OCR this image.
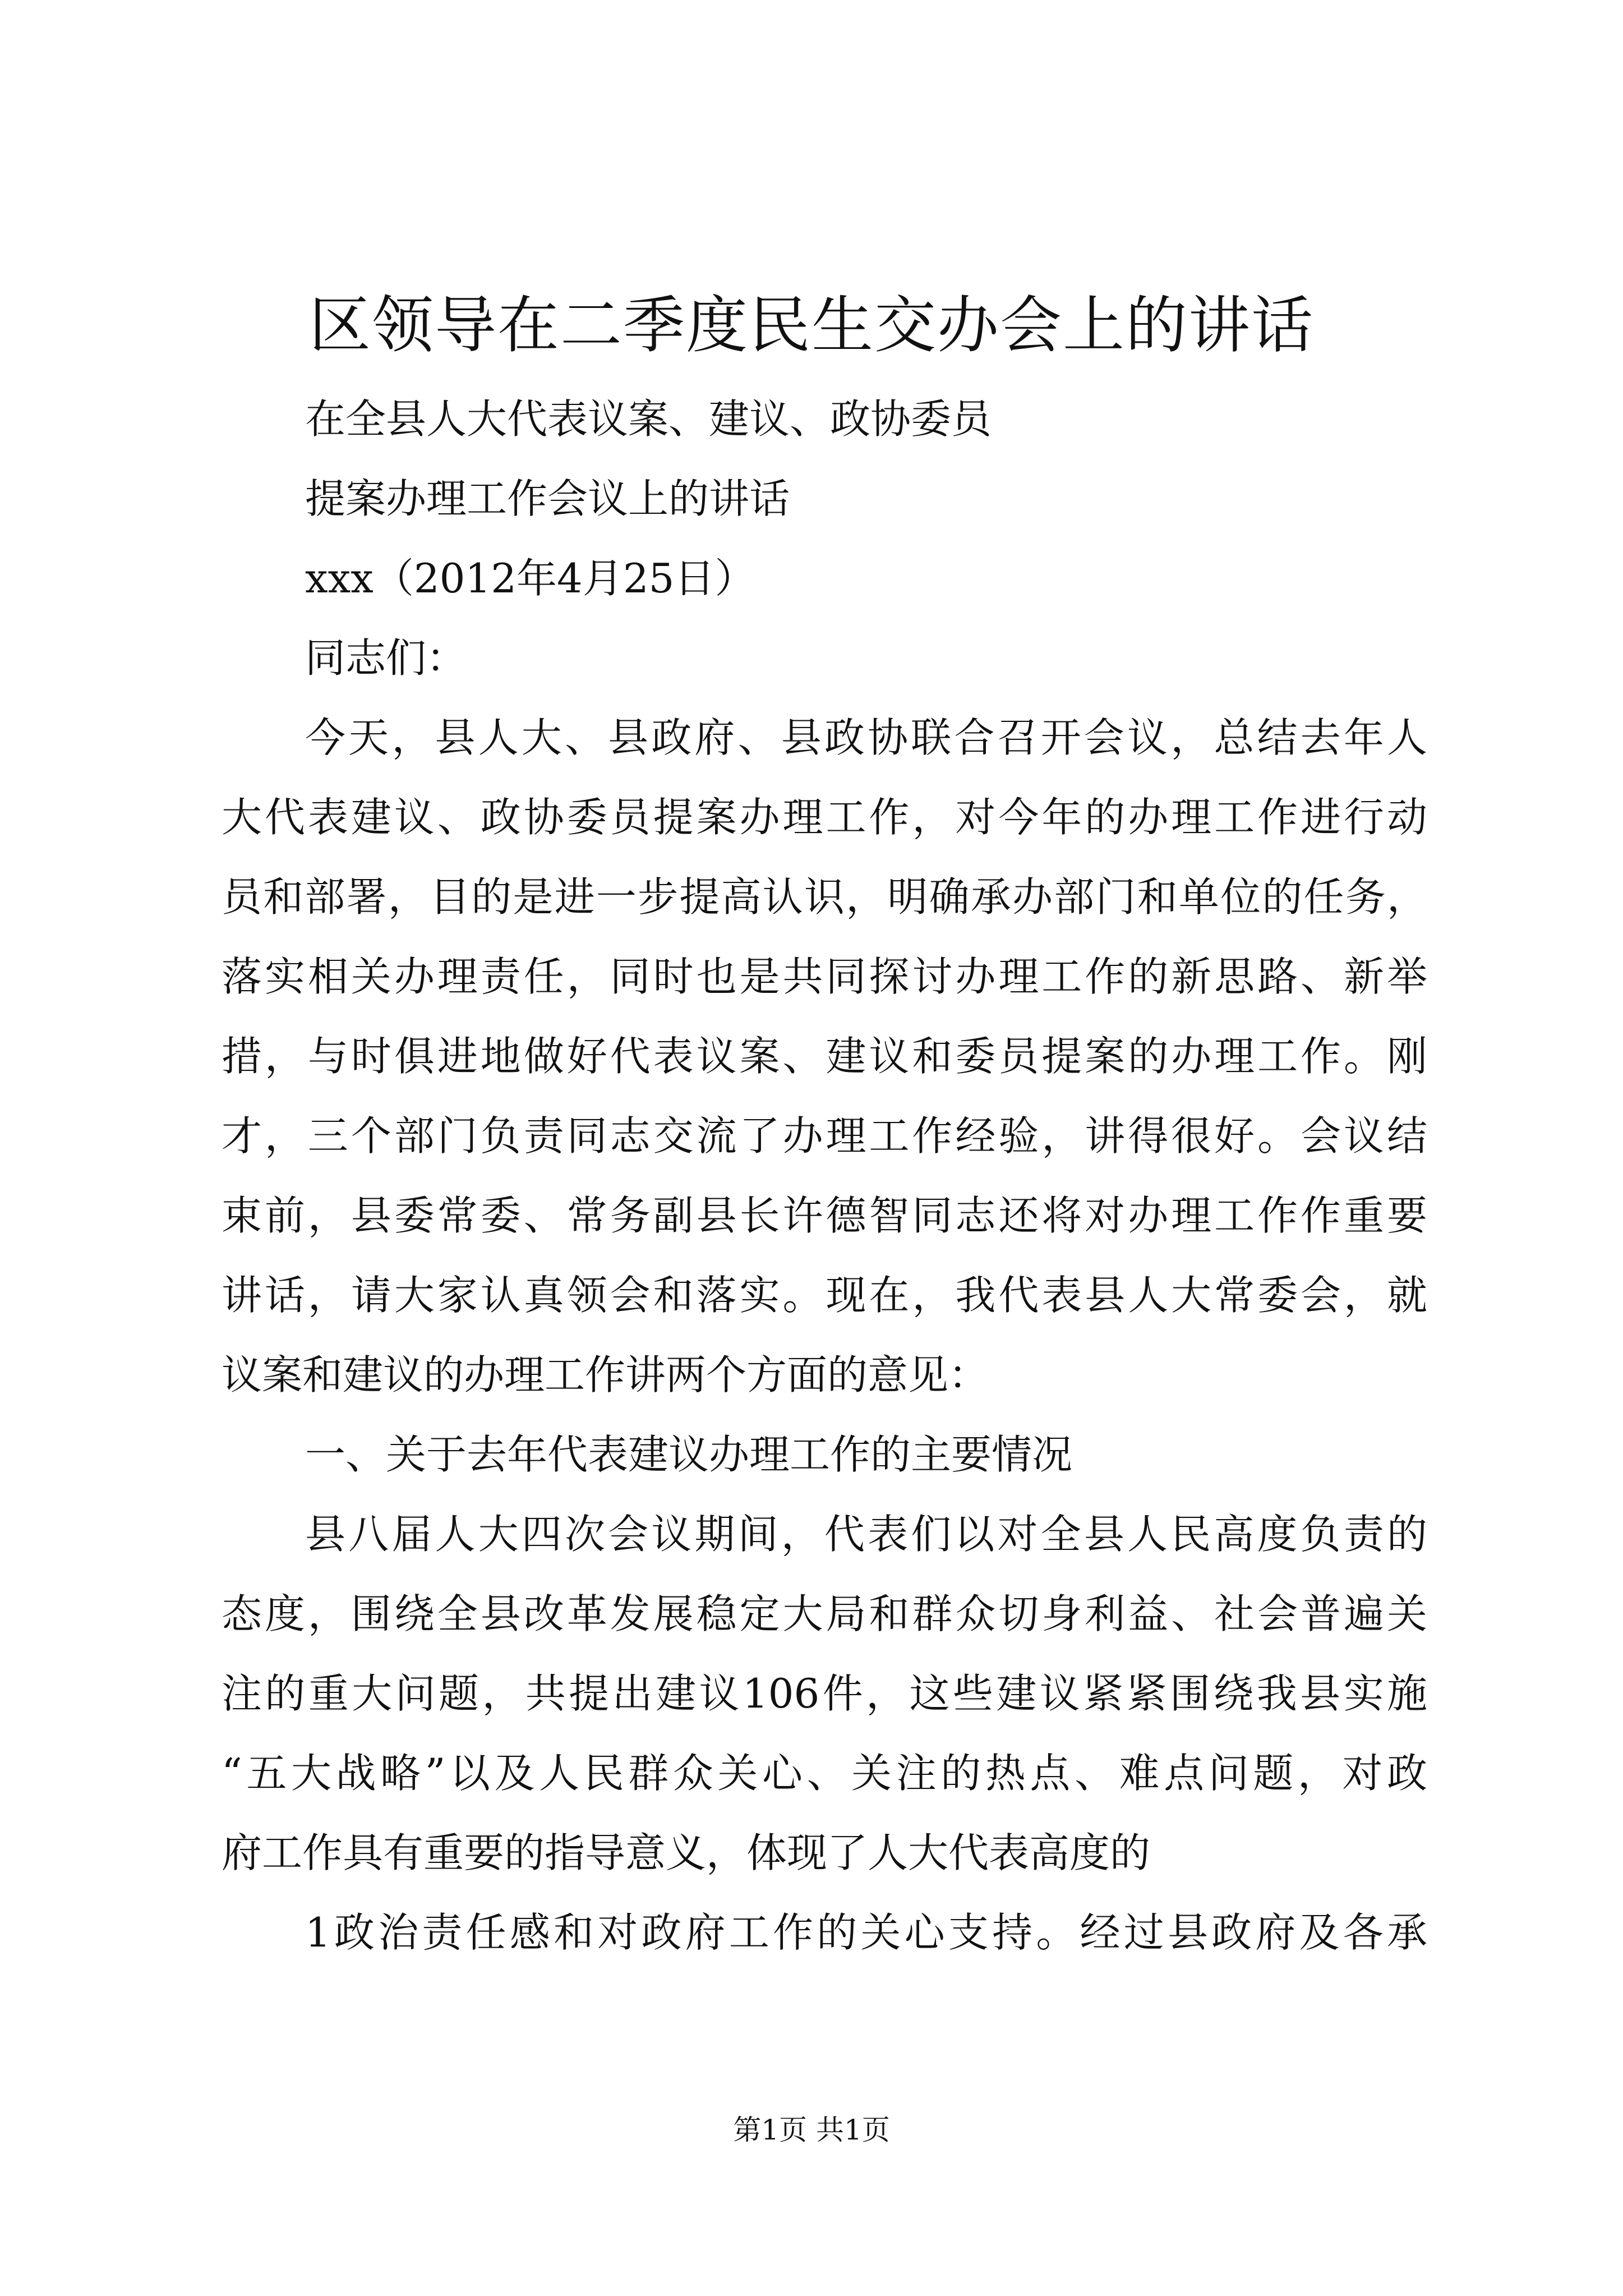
区领导在二季度民生交办会上的讲话
在全县人大代表议案、建议、政协委员
提案办理工作会议上的讲话
xxx（2012年4月25日）
同志们：
今天，县人大、县政府、县政协联合召开会议，总结去年人
大代表建议、政协委员提案办理工作，对今年的办理工作进行动
员和部署，目的是进一步提高认识，明确承办部门和单位的任务，
落实相关办理责任，同时也是共同探讨办理工作的新思路、新举
措，与时俱进地做好代表议案、建议和委员提案的办理工作。刚
才，三个部门负责同志交流了办理工作经验，讲得很好。会议结
束前，县委常委、常务副县长许德智同志还将对办理工作作重要
讲话，请大家认真领会和落实。现在，我代表县人大常委会，就
议案和建议的办理工作讲两个方面的意见：
一、关于去年代表建议办理工作的主要情况
县八届人大四次会议期间，代表们以对全县人民高度负责的
态度，围绕全县改革发展稳定大局和群众切身利益、社会普遍关
注的重大问题，共提出建议106件，这些建议紧紧围绕我县实施
“五大战略”以及人民群众关心、关注的热点、难点问题，对政
府工作具有重要的指导意义，体现了人大代表高度的
1政治责任感和对政府工作的关心支持。经过县政府及各承
第1页 共1页
